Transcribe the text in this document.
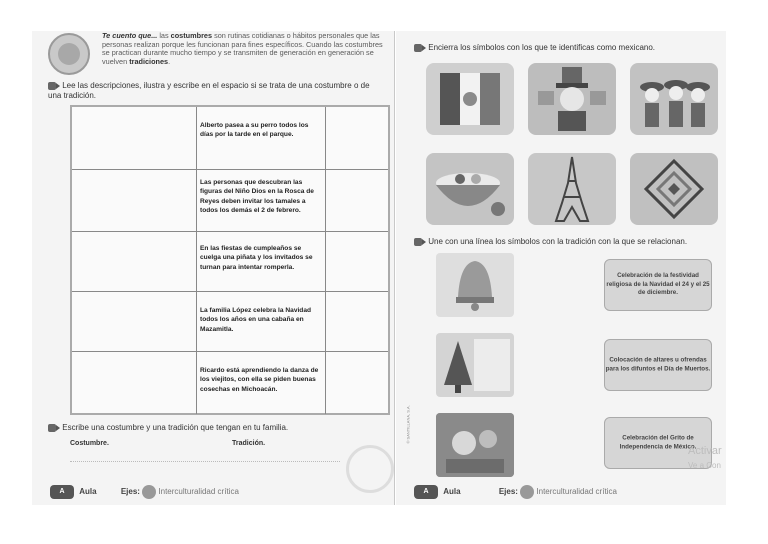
Te cuento que... las costumbres son rutinas cotidianas o hábitos personales que las personas realizan porque les funcionan para fines específicos. Cuando las costumbres se practican durante mucho tiempo y se transmiten de generación en generación se vuelven tradiciones.
Lee las descripciones, ilustra y escribe en el espacio si se trata de una costumbre o de una tradición.
Alberto pasea a su perro todos los días por la tarde en el parque.
Las personas que descubran las figuras del Niño Dios en la Rosca de Reyes deben invitar los tamales a todos los demás el 2 de febrero.
En las fiestas de cumpleaños se cuelga una piñata y los invitados se turnan para intentar romperla.
La familia López celebra la Navidad todos los años en una cabaña en Mazamitla.
Ricardo está aprendiendo la danza de los viejitos, con ella se piden buenas cosechas en Michoacán.
Escribe una costumbre y una tradición que tengan en tu familia.
Costumbre.	Tradición.
A Aula	Ejes: Interculturalidad crítica
Encierra los símbolos con los que te identificas como mexicano.
Une con una línea los símbolos con la tradición con la que se relacionan.
Celebración de la festividad religiosa de la Navidad el 24 y el 25 de diciembre.
Colocación de altares u ofrendas para los difuntos el Día de Muertos.
Celebración del Grito de Independencia de México.
© SANTILLANA, S.A.
A Aula	Ejes: Interculturalidad crítica
Activar
Ve a Con
